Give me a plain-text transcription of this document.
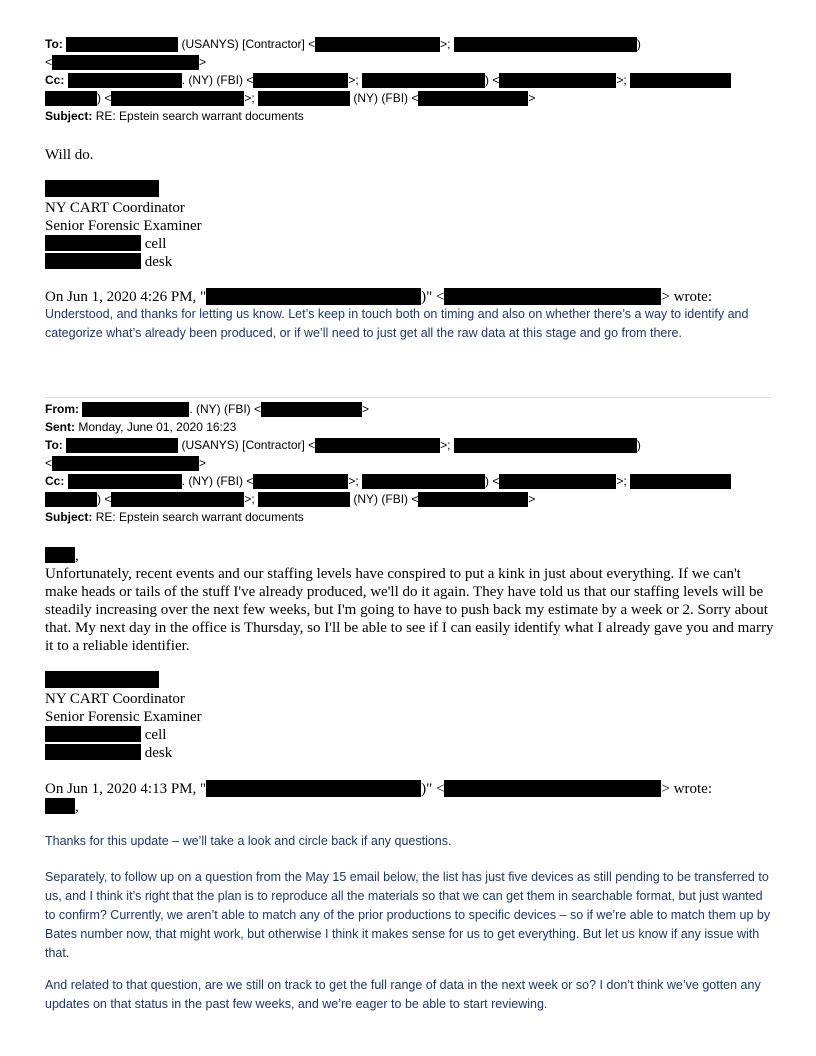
To:	(USANYS) [Contractor] <	>;	)
<	>
Cc:	. (NY) (FBI) <	>;	) <	>;
) <	>;	(NY) (FBI) <	>
Subject: RE: Epstein search warrant documents
Will do.
NY CART Coordinator
Senior Forensic Examiner
cell
desk
On Jun 1, 2020 4:26 PM, "	)" <	> wrote:
Understood, and thanks for letting us know. Let’s keep in touch both on timing and also on whether there’s a way to identify and categorize what’s already been produced, or if we’ll need to just get all the raw data at this stage and go from there.
From:	. (NY) (FBI) <	>
Sent: Monday, June 01, 2020 16:23
To:	(USANYS) [Contractor] <	>;	)
<	>
Cc:	. (NY) (FBI) <	>;	) <	>;
) <	>;	(NY) (FBI) <	>
Subject: RE: Epstein search warrant documents
,
Unfortunately, recent events and our staffing levels have conspired to put a kink in just about everything. If we can't make heads or tails of the stuff I've already produced, we'll do it again. They have told us that our staffing levels will be steadily increasing over the next few weeks, but I'm going to have to push back my estimate by a week or 2. Sorry about that. My next day in the office is Thursday, so I'll be able to see if I can easily identify what I already gave you and marry it to a reliable identifier.
NY CART Coordinator
Senior Forensic Examiner
cell
desk
On Jun 1, 2020 4:13 PM, "	)" <	> wrote:
,
Thanks for this update – we’ll take a look and circle back if any questions.
Separately, to follow up on a question from the May 15 email below, the list has just five devices as still pending to be transferred to us, and I think it’s right that the plan is to reproduce all the materials so that we can get them in searchable format, but just wanted to confirm? Currently, we aren’t able to match any of the prior productions to specific devices – so if we’re able to match them up by Bates number now, that might work, but otherwise I think it makes sense for us to get everything. But let us know if any issue with that.
And related to that question, are we still on track to get the full range of data in the next week or so? I don’t think we’ve gotten any updates on that status in the past few weeks, and we’re eager to be able to start reviewing.
